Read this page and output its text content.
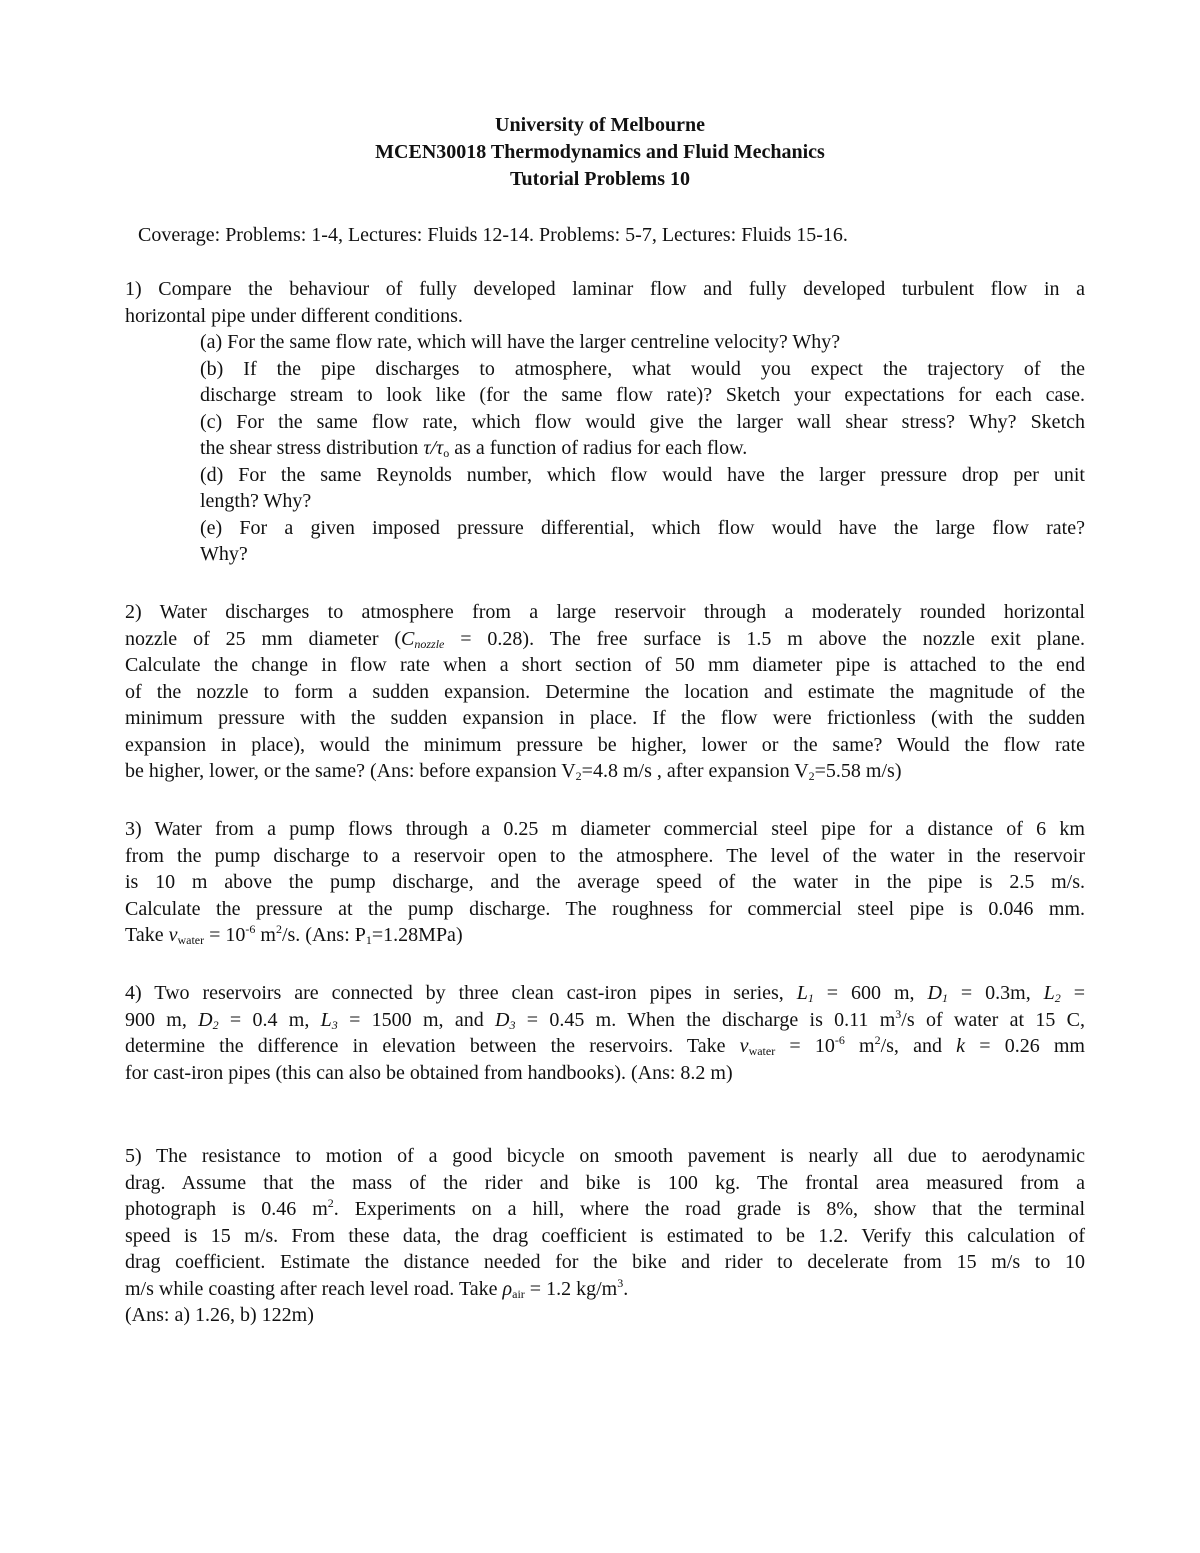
University of Melbourne
MCEN30018 Thermodynamics and Fluid Mechanics
Tutorial Problems 10
Coverage: Problems: 1-4, Lectures: Fluids 12-14. Problems: 5-7, Lectures: Fluids 15-16.
1) Compare the behaviour of fully developed laminar flow and fully developed turbulent flow in a
horizontal pipe under different conditions.
(a) For the same flow rate, which will have the larger centreline velocity? Why?
(b) If the pipe discharges to atmosphere, what would you expect the trajectory of the
discharge stream to look like (for the same flow rate)? Sketch your expectations for each case.
(c) For the same flow rate, which flow would give the larger wall shear stress? Why? Sketch
the shear stress distribution $\tau/\tau_o$ as a function of radius for each flow.
(d) For the same Reynolds number, which flow would have the larger pressure drop per unit
length? Why?
(e) For a given imposed pressure differential, which flow would have the large flow rate?
Why?
2) Water discharges to atmosphere from a large reservoir through a moderately rounded horizontal
nozzle of 25 mm diameter $(C_{nozzle} = 0.28)$. The free surface is 1.5 m above the nozzle exit plane.
Calculate the change in flow rate when a short section of 50 mm diameter pipe is attached to the end
of the nozzle to form a sudden expansion. Determine the location and estimate the magnitude of the
minimum pressure with the sudden expansion in place. If the flow were frictionless (with the sudden
expansion in place), would the minimum pressure be higher, lower or the same? Would the flow rate
be higher, lower, or the same? (Ans: before expansion $V_2=4.8$ m/s , after expansion $V_2=5.58$ m/s)
3) Water from a pump flows through a 0.25 m diameter commercial steel pipe for a distance of 6 km
from the pump discharge to a reservoir open to the atmosphere. The level of the water in the reservoir
is 10 m above the pump discharge, and the average speed of the water in the pipe is 2.5 m/s.
Calculate the pressure at the pump discharge. The roughness for commercial steel pipe is 0.046 mm.
Take $\nu_{water} = 10^{-6}$ $m^2/s$. (Ans: $P_1=1.28MPa$)
4) Two reservoirs are connected by three clean cast-iron pipes in series, $L_1 = 600$ m, $D_1 = 0.3m$, $L_2$ =
900 m, $D_2 = 0.4$ m, $L_3 = 1500$ m, and $D_3 = 0.45$ m. When the discharge is 0.11 $m^3/s$ of water at 15 C,
determine the difference in elevation between the reservoirs. Take $\nu_{water} = 10^{-6}$ $m^2/s$, and k = 0.26 mm
for cast-iron pipes (this can also be obtained from handbooks). (Ans: 8.2 m)
5) The resistance to motion of a good bicycle on smooth pavement is nearly all due to aerodynamic
drag. Assume that the mass of the rider and bike is 100 kg. The frontal area measured from a
photograph is 0.46 $m^2$. Experiments on a hill, where the road grade is 8%, show that the terminal
speed is 15 m/s. From these data, the drag coefficient is estimated to be 1.2. Verify this calculation of
drag coefficient. Estimate the distance needed for the bike and rider to decelerate from 15 m/s to 10
m/s while coasting after reach level road. Take $\rho_{air} = 1.2$ $kg/m^3$.
(Ans: a) 1.26, b) 122m)
